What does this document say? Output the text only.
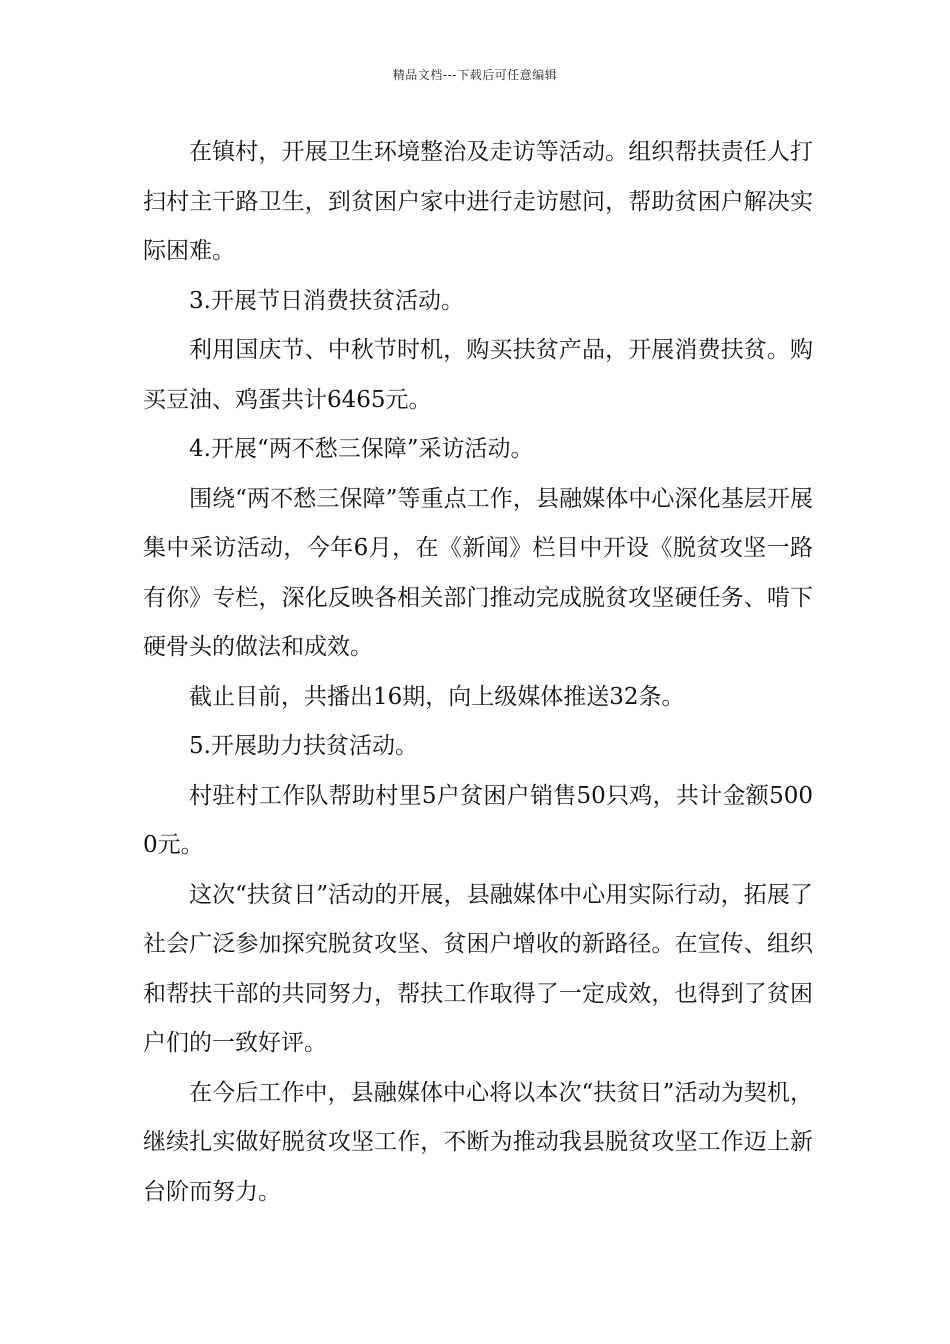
精品文档---下载后可任意编辑

在镇村，开展卫生环境整治及走访等活动。组织帮扶责任人打扫村主干路卫生，到贫困户家中进行走访慰问，帮助贫困户解决实际困难。

3.开展节日消费扶贫活动。

利用国庆节、中秋节时机，购买扶贫产品，开展消费扶贫。购买豆油、鸡蛋共计6465元。

4.开展“两不愁三保障”采访活动。

围绕“两不愁三保障”等重点工作，县融媒体中心深化基层开展集中采访活动，今年6月，在《新闻》栏目中开设《脱贫攻坚一路有你》专栏，深化反映各相关部门推动完成脱贫攻坚硬任务、啃下硬骨头的做法和成效。

截止目前，共播出16期，向上级媒体推送32条。

5.开展助力扶贫活动。

村驻村工作队帮助村里5户贫困户销售50只鸡，共计金额5000元。

这次“扶贫日”活动的开展，县融媒体中心用实际行动，拓展了社会广泛参加探究脱贫攻坚、贫困户增收的新路径。在宣传、组织和帮扶干部的共同努力，帮扶工作取得了一定成效，也得到了贫困户们的一致好评。

在今后工作中，县融媒体中心将以本次“扶贫日”活动为契机，继续扎实做好脱贫攻坚工作，不断为推动我县脱贫攻坚工作迈上新台阶而努力。
